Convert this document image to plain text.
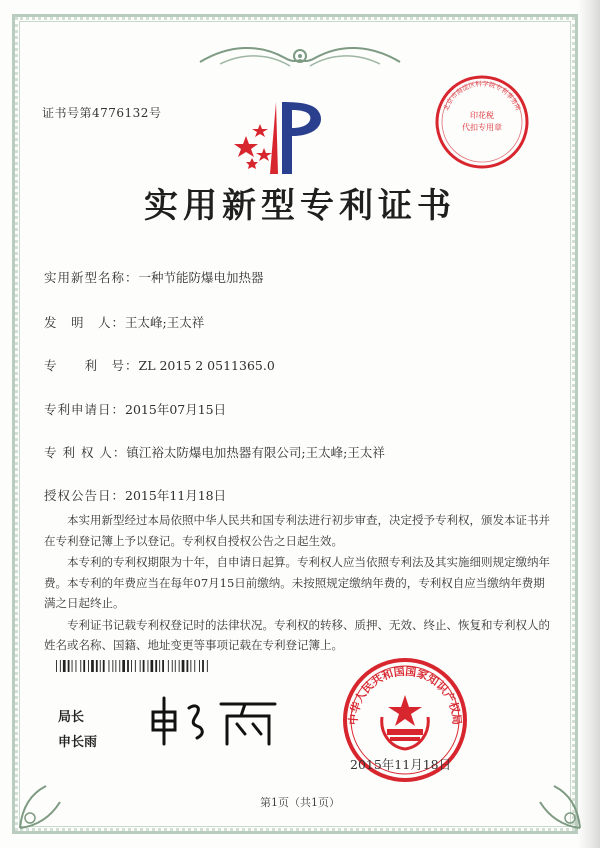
证书号第4776132号	印花税
代扣专用章
北京市海淀区科学院专利事务所
实用新型专利证书
实用新型名称：一种节能防爆电加热器
发　明　人：王太峰;王太祥
专　　利　号：ZL 2015 2 0511365.0
专利申请日：2015年07月15日
专 利 权 人：镇江裕太防爆电加热器有限公司;王太峰;王太祥
授权公告日：2015年11月18日

本实用新型经过本局依照中华人民共和国专利法进行初步审查，决定授予专利权，颁发本证书并在专利登记簿上予以登记。专利权自授权公告之日起生效。

本专利的专利权期限为十年，自申请日起算。专利权人应当依照专利法及其实施细则规定缴纳年费。本专利的年费应当在每年07月15日前缴纳。未按照规定缴纳年费的，专利权自应当缴纳年费期满之日起终止。

专利证书记载专利权登记时的法律状况。专利权的转移、质押、无效、终止、恢复和专利权人的姓名或名称、国籍、地址变更等事项记载在专利登记簿上。

局长
申长雨
中华人民共和国国家知识产权局
2015年11月18日
第1页（共1页）
